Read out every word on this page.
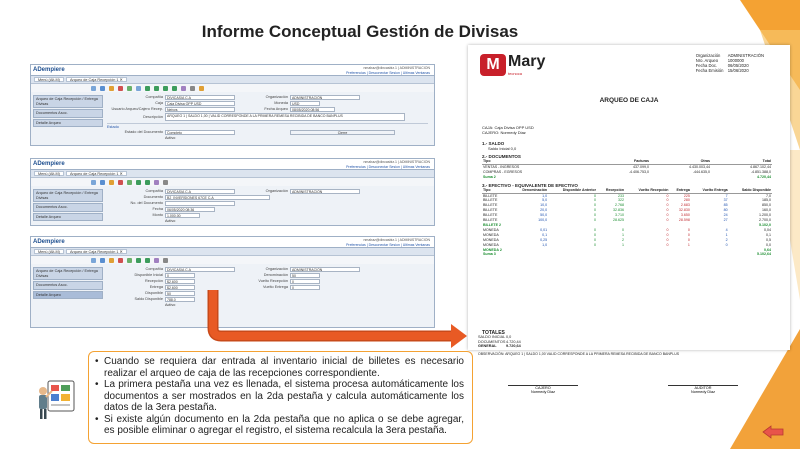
Informe Conceptual Gestión de Divisas
ADempiere	nmahaz@dincasbiz.1 | ADMINISTRACION
Preferencias | Desconectar Sesion | Ultimas Ventanas
Menú (Alt-M)	Arqueo de Caja Recepción 1 ✕
Arqueo de Caja Recepción / Entrega Divisas
Documentos Asoc.
Detalle Arqueo
Compañía	DIVICASIA C.A	Organización	ADMINISTRACIÓN
Caja	Caja Divisa OPP USD	Moneda	USD
Usuario Arqueo/Cajero Recep.	Neivys	Fecha Arqueo	08/05/2020 08:56
Descripción	ARQUEO 1 | SALDO 1,00 | VALID CORRESPONDE A LA PRIMERA REMESA RECIBIDA DE BANCO BANPLUS
Estado
Estado del Documento	Completo	Cierre
Activo
ADempiere	nmahaz@dincasbiz.1 | ADMINISTRACION
Preferencias | Desconectar Sesion | Ultimas Ventanas
Menú (Alt-M)	Arqueo de Caja Recepción 1 ✕
Arqueo de Caja Recepción / Entrega Divisas
Documentos Asoc.
Detalle Arqueo
Compañía	DIVICASIA C.A	Organización	ADMINISTRACIÓN
Documento	B2_INVERSIONES 67CE C.A
No. del Documento
Fecha	06/05/2020 08:36
Monto	1.000,00
Activo
ADempiere	nmahaz@dincasbiz.1 | ADMINISTRACION
Preferencias | Desconectar Sesion | Ultimas Ventanas
Menú (Alt-M)	Arqueo de Caja Recepción 1 ✕
Arqueo de Caja Recepción / Entrega Divisas
Documentos Asoc.
Detalle Arqueo
Compañía	DIVICASIA C.A	Organización	ADMINISTRACIÓN
Disponible Inicial	0	Denominación	50
Recepción	$2.600	Vuelto Recepción	0
Entrega	$2.600	Vuelto Entrega	0
Disponible	50
Saldo Disponible	788,0
Activo
M Mary
tecnoca
Organización ADMINISTRACIÓN
Nro. Arqueo 1000000
Fecha Doc.	06/05/2020
Fecha Emisión 15/06/2020
ARQUEO DE CAJA
CAJA: Caja Divisa OPP USD
CAJERO: Normedy Diaz
1.- SALDO
Saldo Inicial 0,0
2.- DOCUMENTOS
Tipo	Facturas	Otras	Total
VENTAS - INGRESOS	437.099,0	4.430.003,44	4.867.102,44
COMPRAS - EGRESOS	-4.406.753,0	-444.635,0	-4.851.388,0
Suma 2			4.720,44
3.- EFECTIVO - EQUIVALENTE DE EFECTIVO
Tipo	Denominación	Disponible Anterior	Recepción	Vuelto Recepción	Entrega	Vuelto Entrega	Saldo Disponible
BILLETE	1,0	0	233	0	225	7	7,0
BILLETE	5,0	0	322	0	280	37	185,0
BILLETE	10,0	0	2.768	0	2.683	85	850,0
BILLETE	20,0	0	32.836	0	32.830	80	160,0
BILLETE	50,0	0	3.710	0	3.650	24	1.200,0
BILLETE	100,0	0	28.625	0	28.598	27	2.700,0
BILLETE 2							5.102,0
MONEDA	0,01	0	0	0	0	4	0,04
MONEDA	0,1	0	1	0	0	1	0,1
MONEDA	0,25	0	2	0	0	2	0,5
MONEDA	1,0	0	1	0	1	0	0,0
MONEDA 2							0,64
Suma 3							5.102,64
TOTALES
SALDO INICIAL0,0
DOCUMENTOS4.720,44
GENERAL 9.720,64
OBSERVACIÓN: ARQUEO 1 | SALDO 1,00 VALID CORRESPONDE A LA PRIMERA REMESA RECIBIDA DE BANCO BANPLUS
CAJERO
Normedy Diaz
AUDITOR
Normedy Diaz
• Cuando se requiera dar entrada al inventario inicial de billetes es necesario realizar el arqueo de caja de las recepciones correspondiente.
• La primera pestaña una vez es llenada, el sistema procesa automáticamente los documentos a ser mostrados en la 2da pestaña y calcula automáticamente los datos de la 3era pestaña.
• Si existe algún documento en la 2da pestaña que no aplica o se debe agregar, es posible eliminar o agregar el registro, el sistema recalcula la 3era pestaña.
